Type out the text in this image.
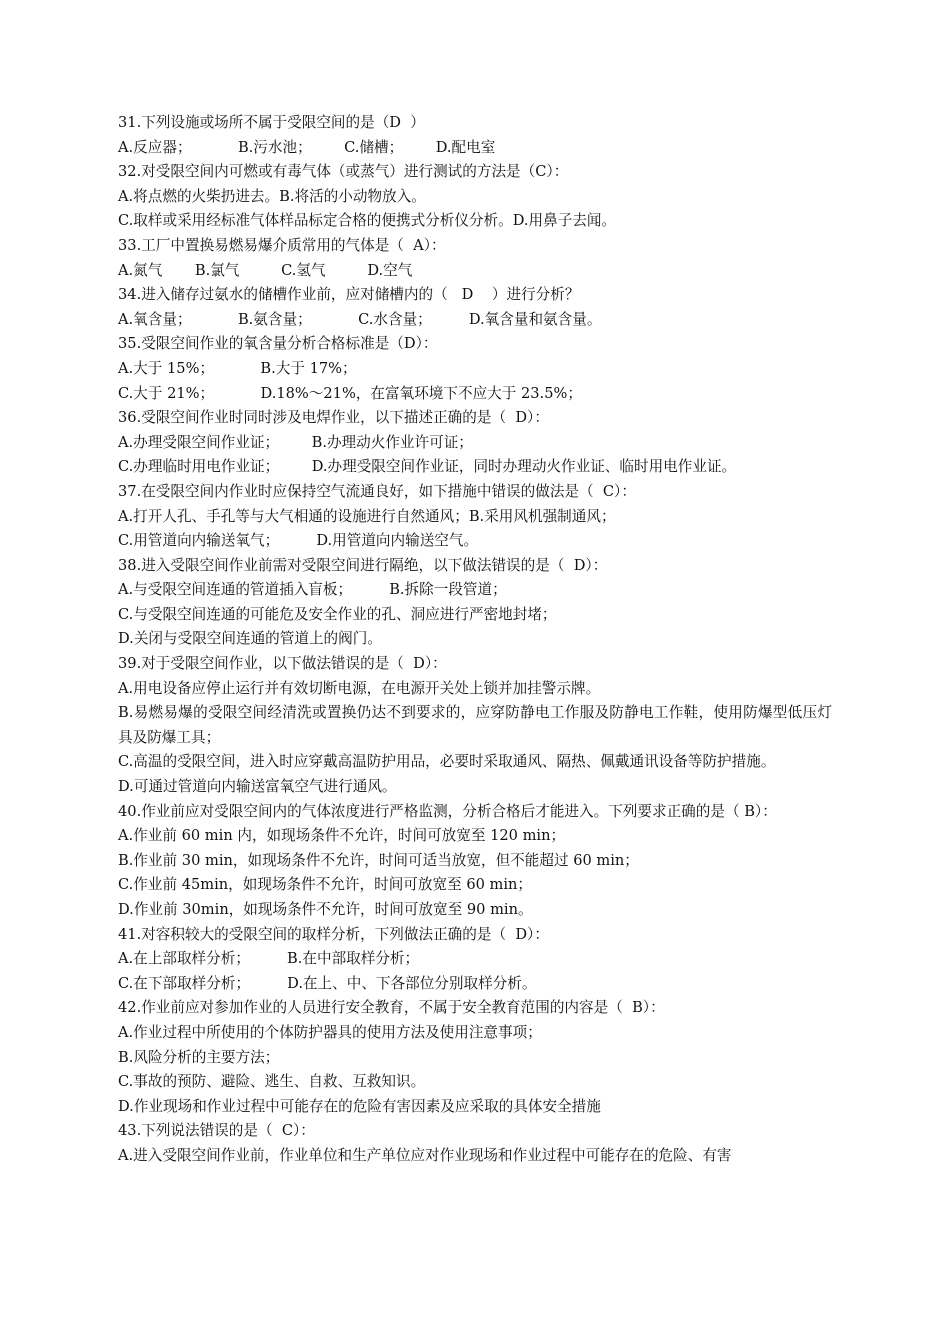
31.下列设施或场所不属于受限空间的是（D  ）
A.反应器；          B.污水池；       C.储槽；       D.配电室
32.对受限空间内可燃或有毒气体（或蒸气）进行测试的方法是（C）：
A.将点燃的火柴扔进去。B.将活的小动物放入。
C.取样或采用经标准气体样品标定合格的便携式分析仪分析。D.用鼻子去闻。
33.工厂中置换易燃易爆介质常用的气体是（  A）：
A.氮气       B.氯气         C.氢气         D.空气
34.进入储存过氨水的储槽作业前，应对储槽内的（   D    ）进行分析？
A.氧含量；          B.氨含量；          C.水含量；        D.氧含量和氨含量。
35.受限空间作业的氧含量分析合格标准是（D）：
A.大于 15%；          B.大于 17%；
C.大于 21%；          D.18%～21%，在富氧环境下不应大于 23.5%；
36.受限空间作业时同时涉及电焊作业，以下描述正确的是（  D）：
A.办理受限空间作业证；       B.办理动火作业许可证；
C.办理临时用电作业证；       D.办理受限空间作业证，同时办理动火作业证、临时用电作业证。
37.在受限空间内作业时应保持空气流通良好，如下措施中错误的做法是（  C）：
A.打开人孔、手孔等与大气相通的设施进行自然通风；B.采用风机强制通风；
C.用管道向内输送氧气；        D.用管道向内输送空气。
38.进入受限空间作业前需对受限空间进行隔绝，以下做法错误的是（  D）：
A.与受限空间连通的管道插入盲板；        B.拆除一段管道；
C.与受限空间连通的可能危及安全作业的孔、洞应进行严密地封堵；
D.关闭与受限空间连通的管道上的阀门。
39.对于受限空间作业，以下做法错误的是（  D）：
A.用电设备应停止运行并有效切断电源，在电源开关处上锁并加挂警示牌。
B.易燃易爆的受限空间经清洗或置换仍达不到要求的，应穿防静电工作服及防静电工作鞋，使用防爆型低压灯具及防爆工具；
C.高温的受限空间，进入时应穿戴高温防护用品，必要时采取通风、隔热、佩戴通讯设备等防护措施。
D.可通过管道向内输送富氧空气进行通风。
40.作业前应对受限空间内的气体浓度进行严格监测，分析合格后才能进入。下列要求正确的是（ B）：
A.作业前 60 min 内，如现场条件不允许，时间可放宽至 120 min；
B.作业前 30 min，如现场条件不允许，时间可适当放宽，但不能超过 60 min；
C.作业前 45min，如现场条件不允许，时间可放宽至 60 min；
D.作业前 30min，如现场条件不允许，时间可放宽至 90 min。
41.对容积较大的受限空间的取样分析，下列做法正确的是（  D）：
A.在上部取样分析；        B.在中部取样分析；
C.在下部取样分析；        D.在上、中、下各部位分别取样分析。
42.作业前应对参加作业的人员进行安全教育，不属于安全教育范围的内容是（  B）：
A.作业过程中所使用的个体防护器具的使用方法及使用注意事项；
B.风险分析的主要方法；
C.事故的预防、避险、逃生、自救、互救知识。
D.作业现场和作业过程中可能存在的危险有害因素及应采取的具体安全措施
43.下列说法错误的是（  C）：
A.进入受限空间作业前，作业单位和生产单位应对作业现场和作业过程中可能存在的危险、有害
